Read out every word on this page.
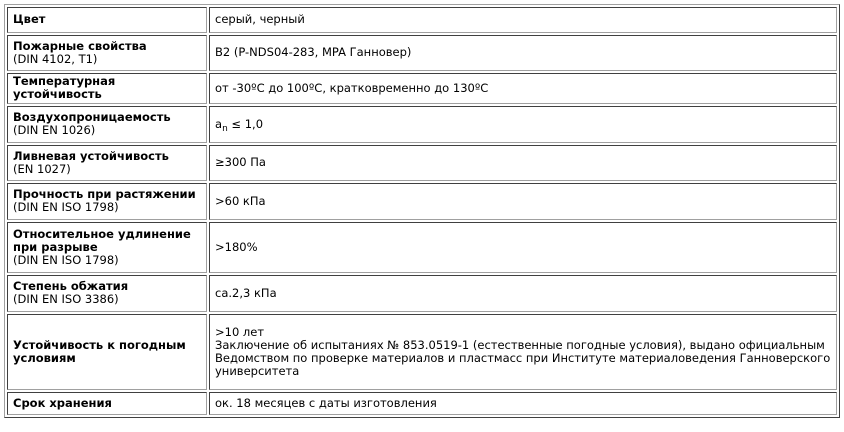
Цвет	серый, черный

Пожарные свойства
(DIN 4102, T1)	B2 (P-NDS04-283, MPA Ганновер)

Температурная устойчивость	от -30ºC до 100ºC, кратковременно до 130ºC

Воздухопроницаемость
(DIN EN 1026)	$a_n \le 1,0$

Ливневая устойчивость
(EN 1027)	≥300 Па

Прочность при растяжении
(DIN EN ISO 1798)	>60 кПа

Относительное удлинение
при разрыве
(DIN EN ISO 1798)	>180%

Степень обжатия
(DIN EN ISO 3386)	ca.2,3 кПа

Устойчивость к погодным
условиям	>10 лет
Заключение об испытаниях № 853.0519-1 (естественные погодные условия), выдано официальным
Ведомством по проверке материалов и пластмасс при Институте материаловедения Ганноверского
университета

Срок хранения	ок. 18 месяцев с даты изготовления
